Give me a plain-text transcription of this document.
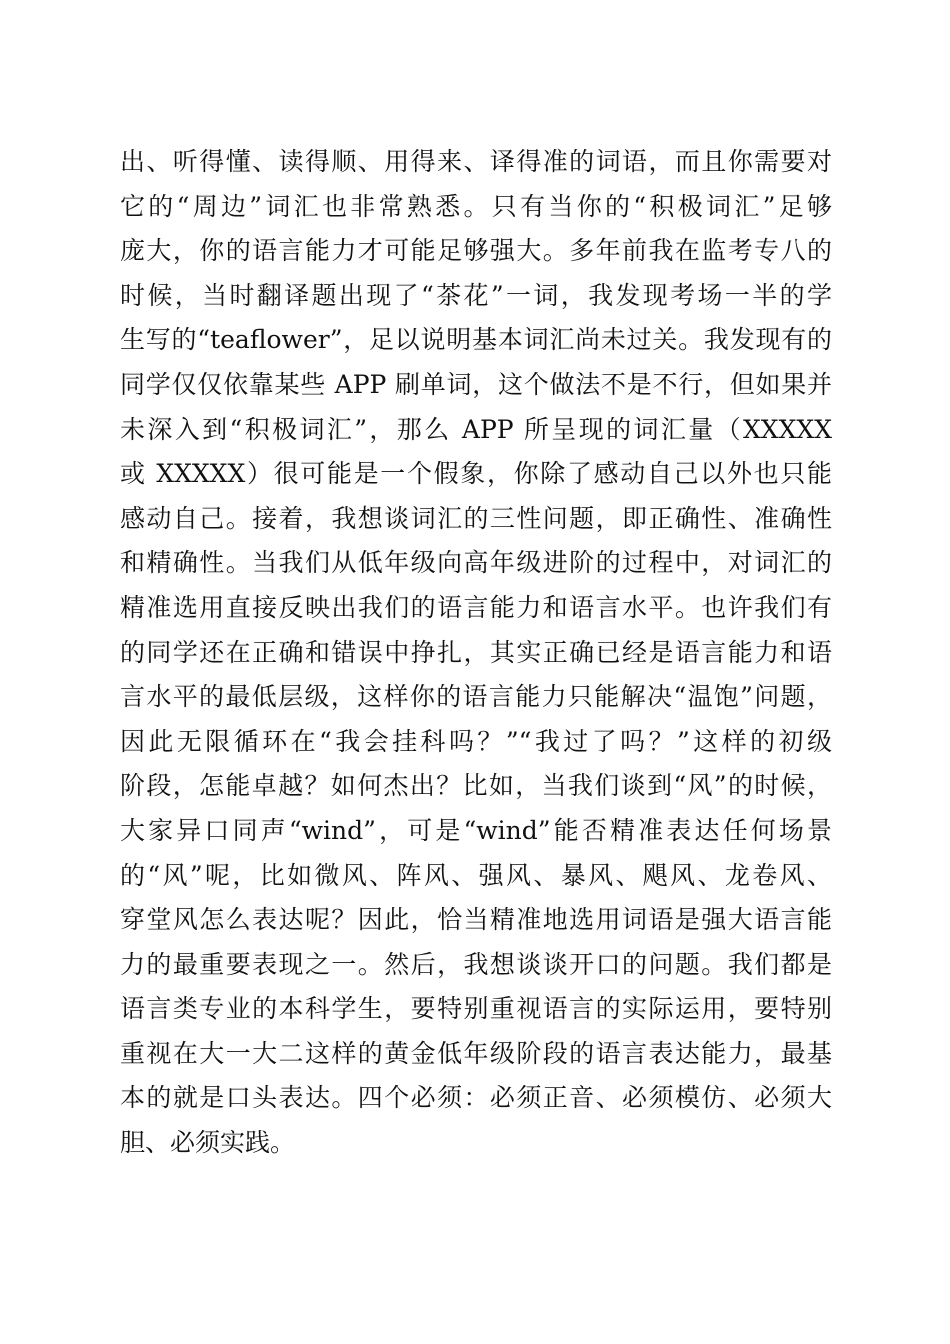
出、听得懂、读得顺、用得来、译得准的词语，而且你需要对
它的“周边”词汇也非常熟悉。只有当你的“积极词汇”足够
庞大，你的语言能力才可能足够强大。多年前我在监考专八的
时候，当时翻译题出现了“茶花”一词，我发现考场一半的学
生写的“teaflower”，足以说明基本词汇尚未过关。我发现有的
同学仅仅依靠某些 APP 刷单词，这个做法不是不行，但如果并
未深入到“积极词汇”，那么 APP 所呈现的词汇量（XXXXX
或 XXXXX）很可能是一个假象，你除了感动自己以外也只能
感动自己。接着，我想谈词汇的三性问题，即正确性、准确性
和精确性。当我们从低年级向高年级进阶的过程中，对词汇的
精准选用直接反映出我们的语言能力和语言水平。也许我们有
的同学还在正确和错误中挣扎，其实正确已经是语言能力和语
言水平的最低层级，这样你的语言能力只能解决“温饱”问题，
因此无限循环在“我会挂科吗？”“我过了吗？”这样的初级
阶段，怎能卓越？如何杰出？比如，当我们谈到“风”的时候，
大家异口同声“wind”，可是“wind”能否精准表达任何场景
的“风”呢，比如微风、阵风、强风、暴风、飓风、龙卷风、
穿堂风怎么表达呢？因此，恰当精准地选用词语是强大语言能
力的最重要表现之一。然后，我想谈谈开口的问题。我们都是
语言类专业的本科学生，要特别重视语言的实际运用，要特别
重视在大一大二这样的黄金低年级阶段的语言表达能力，最基
本的就是口头表达。四个必须：必须正音、必须模仿、必须大
胆、必须实践。
